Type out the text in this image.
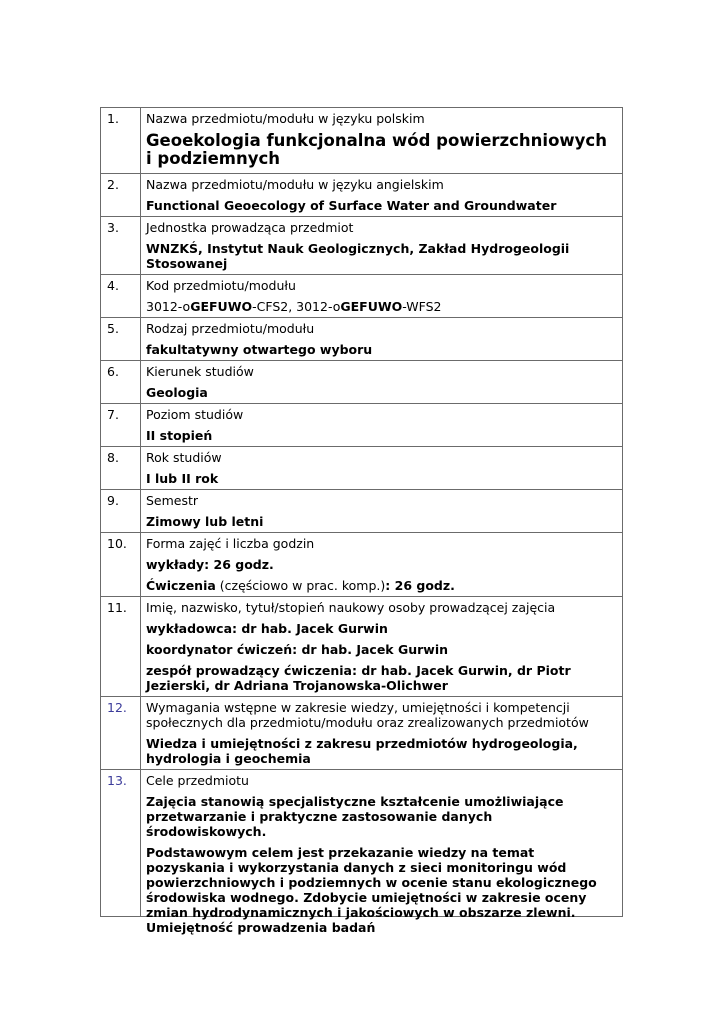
1.	Nazwa przedmiotu/modułu w języku polskim
Geoekologia funkcjonalna wód powierzchniowych i podziemnych

2.	Nazwa przedmiotu/modułu w języku angielskim
Functional Geoecology of Surface Water and Groundwater

3.	Jednostka prowadząca przedmiot
WNZKŚ, Instytut Nauk Geologicznych, Zakład Hydrogeologii Stosowanej

4.	Kod przedmiotu/modułu
3012-oGEFUWO-CFS2, 3012-oGEFUWO-WFS2

5.	Rodzaj przedmiotu/modułu
fakultatywny otwartego wyboru

6.	Kierunek studiów
Geologia

7.	Poziom studiów
II stopień

8.	Rok studiów
I lub II rok

9.	Semestr
Zimowy lub letni

10.	Forma zajęć i liczba godzin
wykłady: 26 godz.
Ćwiczenia (częściowo w prac. komp.): 26 godz.

11.	Imię, nazwisko, tytuł/stopień naukowy osoby prowadzącej zajęcia
wykładowca: dr hab. Jacek Gurwin
koordynator ćwiczeń: dr hab. Jacek Gurwin
zespół prowadzący ćwiczenia: dr hab. Jacek Gurwin, dr Piotr Jezierski, dr Adriana Trojanowska-Olichwer

12.	Wymagania wstępne w zakresie wiedzy, umiejętności i kompetencji społecznych dla przedmiotu/modułu oraz zrealizowanych przedmiotów
Wiedza i umiejętności z zakresu przedmiotów hydrogeologia, hydrologia i geochemia

13.	Cele przedmiotu
Zajęcia stanowią specjalistyczne kształcenie umożliwiające przetwarzanie i praktyczne zastosowanie danych środowiskowych.
Podstawowym celem jest przekazanie wiedzy na temat pozyskania i wykorzystania danych z sieci monitoringu wód powierzchniowych i podziemnych w ocenie stanu ekologicznego środowiska wodnego. Zdobycie umiejętności w zakresie oceny zmian hydrodynamicznych i jakościowych w obszarze zlewni. Umiejętność prowadzenia badań
